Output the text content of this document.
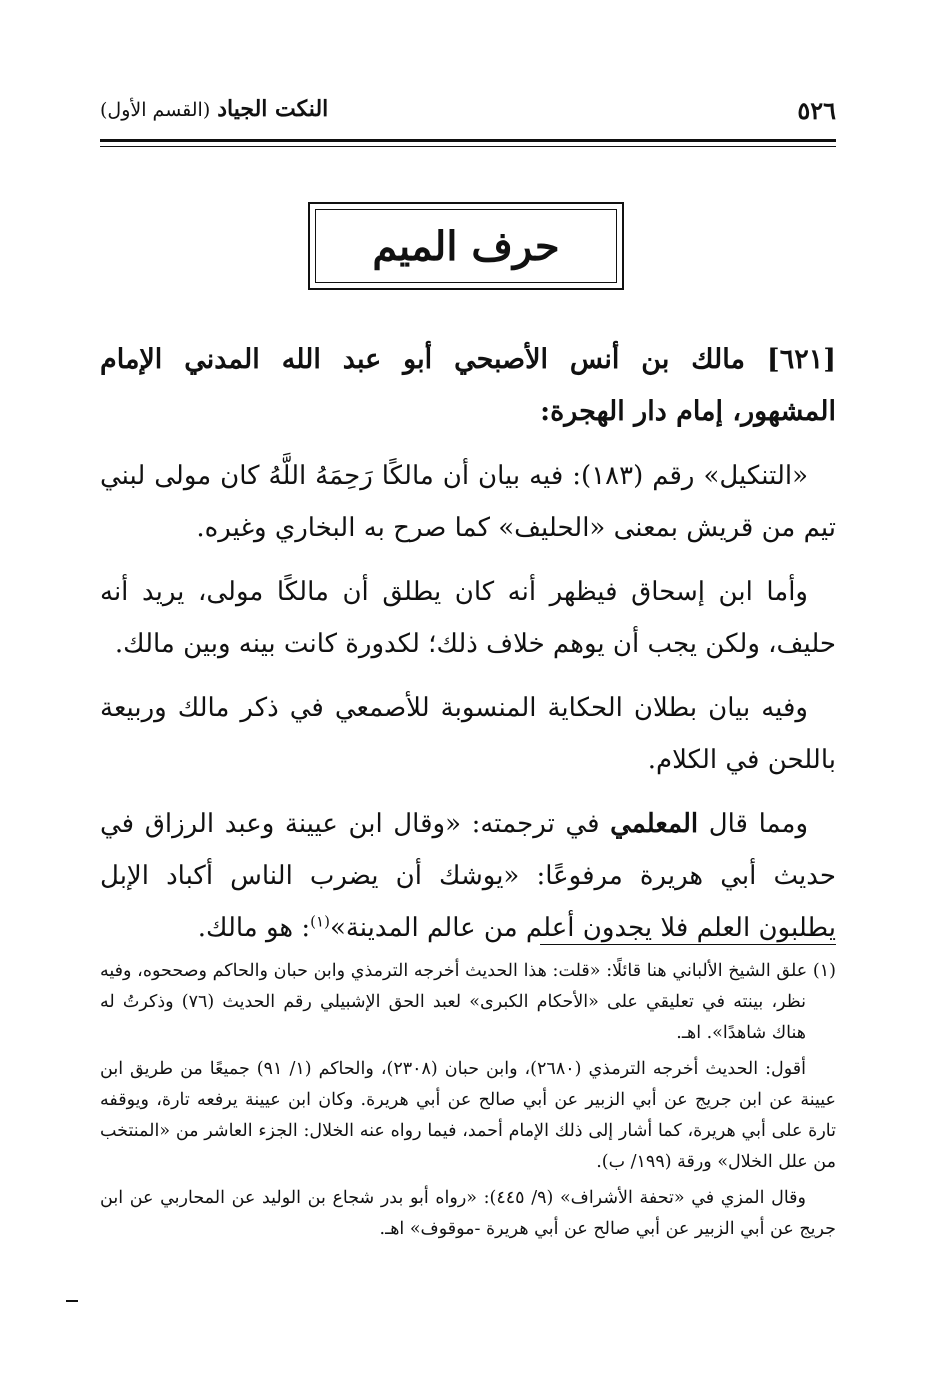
٥٢٦
النكت الجياد (القسم الأول)
حرف الميم

[٦٢١] مالك بن أنس الأصبحي أبو عبد الله المدني الإمام المشهور، إمام دار الهجرة:

«التنكيل» رقم (١٨٣): فيه بيان أن مالكًا رَحِمَهُ اللَّهُ كان مولى لبني تيم من قريش بمعنى «الحليف» كما صرح به البخاري وغيره.

وأما ابن إسحاق فيظهر أنه كان يطلق أن مالكًا مولى، يريد أنه حليف، ولكن يجب أن يوهم خلاف ذلك؛ لكدورة كانت بينه وبين مالك.

وفيه بيان بطلان الحكاية المنسوبة للأصمعي في ذكر مالك وربيعة باللحن في الكلام.

ومما قال المعلمي في ترجمته: «وقال ابن عيينة وعبد الرزاق في حديث أبي هريرة مرفوعًا: «يوشك أن يضرب الناس أكباد الإبل يطلبون العلم فلا يجدون أعلم من عالم المدينة»$^{(١)}$: هو مالك.

(١) علق الشيخ الألباني هنا قائلًا: «قلت: هذا الحديث أخرجه الترمذي وابن حبان والحاكم وصححوه، وفيه نظر، بينته في تعليقي على «الأحكام الكبرى» لعبد الحق الإشبيلي رقم الحديث (٧٦) وذكرتُ له هناك شاهدًا». اهـ.

أقول: الحديث أخرجه الترمذي (٢٦٨٠)، وابن حبان (٢٣٠٨)، والحاكم (١/ ٩١) جميعًا من طريق ابن عيينة عن ابن جريج عن أبي الزبير عن أبي صالح عن أبي هريرة. وكان ابن عيينة يرفعه تارة، ويوقفه تارة على أبي هريرة، كما أشار إلى ذلك الإمام أحمد، فيما رواه عنه الخلال: الجزء العاشر من «المنتخب من علل الخلال» ورقة (١٩٩/ ب).

وقال المزي في «تحفة الأشراف» (٩/ ٤٤٥): «رواه أبو بدر شجاع بن الوليد عن المحاربي عن ابن جريج عن أبي الزبير عن أبي صالح عن أبي هريرة -موقوف» اهـ.
